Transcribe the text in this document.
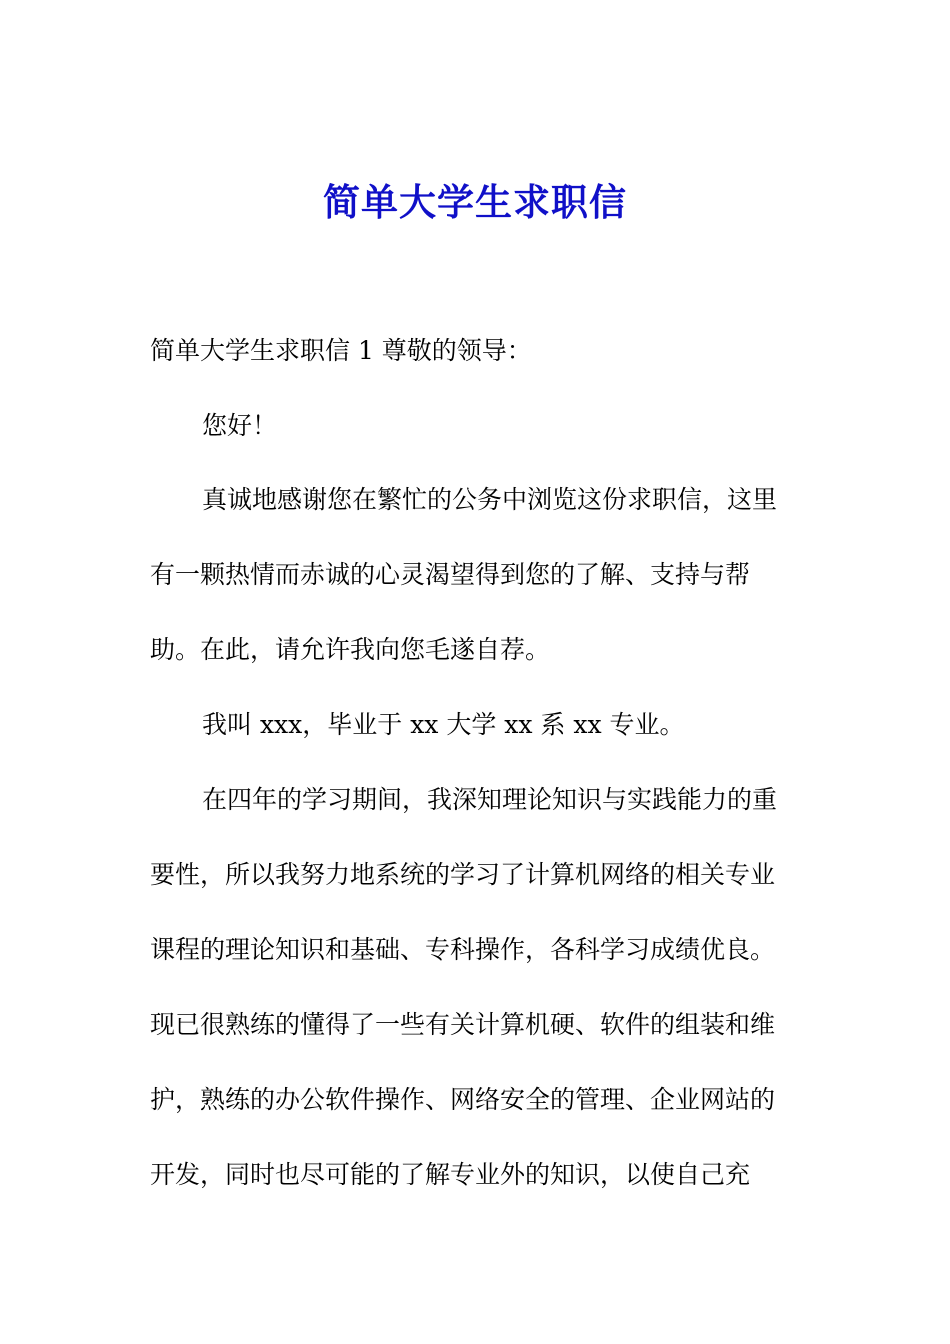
简单大学生求职信
简单大学生求职信 1 尊敬的领导：
您好！
真诚地感谢您在繁忙的公务中浏览这份求职信，这里
有一颗热情而赤诚的心灵渴望得到您的了解、支持与帮
助。在此，请允许我向您毛遂自荐。
我叫 xxx，毕业于 xx 大学 xx 系 xx 专业。
在四年的学习期间，我深知理论知识与实践能力的重
要性，所以我努力地系统的学习了计算机网络的相关专业
课程的理论知识和基础、专科操作，各科学习成绩优良。
现已很熟练的懂得了一些有关计算机硬、软件的组装和维
护，熟练的办公软件操作、网络安全的管理、企业网站的
开发，同时也尽可能的了解专业外的知识，以使自己充
